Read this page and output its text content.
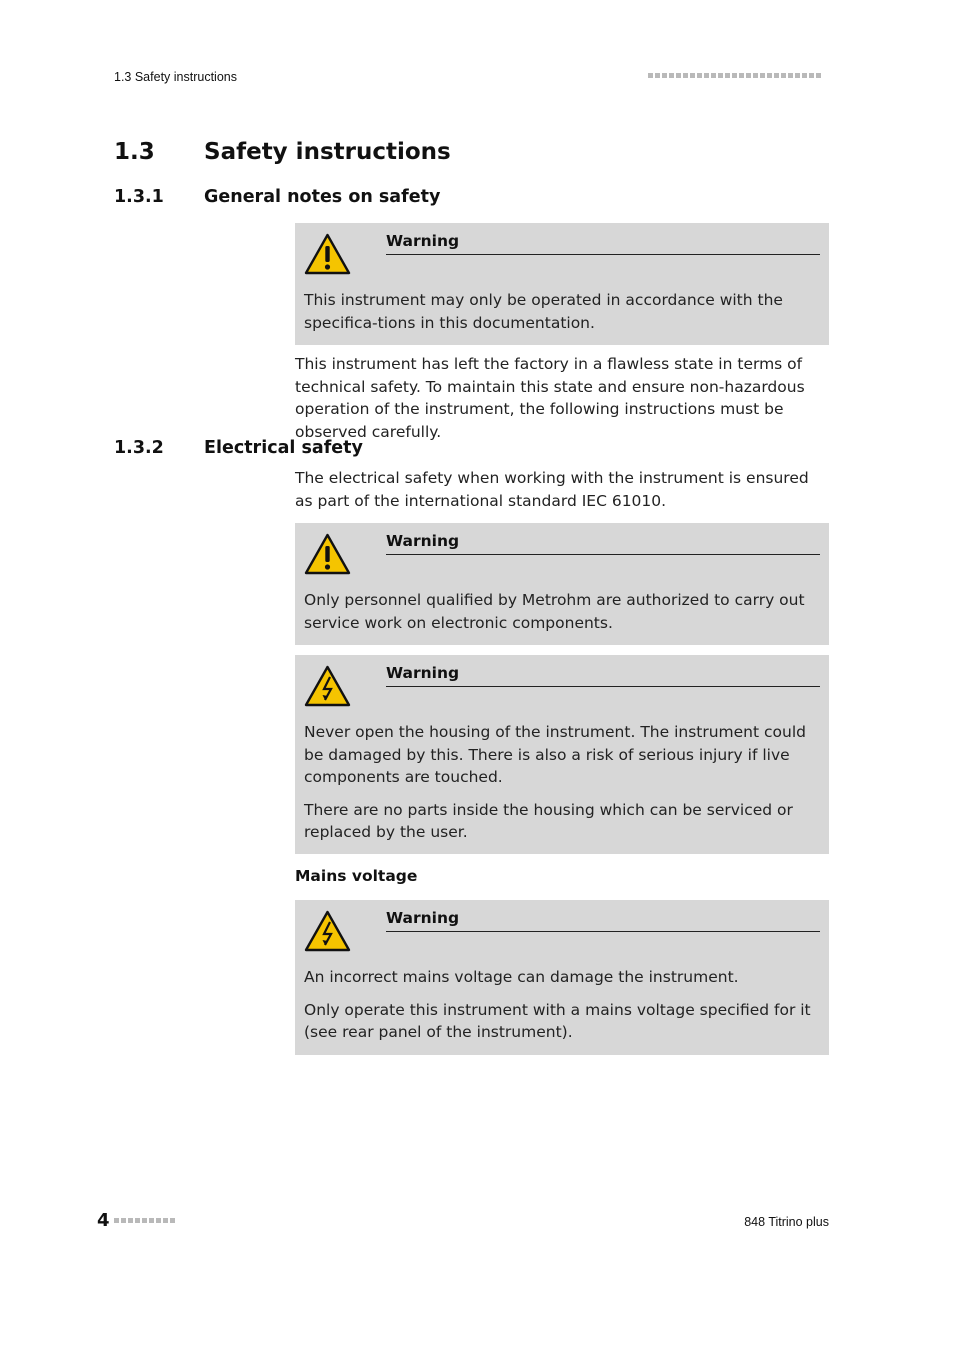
1.3 Safety instructions
1.3 Safety instructions
1.3.1 General notes on safety
Warning

This instrument may only be operated in accordance with the specifica-tions in this documentation.

This instrument has left the factory in a flawless state in terms of technical safety. To maintain this state and ensure non-hazardous operation of the instrument, the following instructions must be observed carefully.

1.3.2 Electrical safety

The electrical safety when working with the instrument is ensured as part of the international standard IEC 61010.

Warning

Only personnel qualified by Metrohm are authorized to carry out service work on electronic components.

Warning

Never open the housing of the instrument. The instrument could be damaged by this. There is also a risk of serious injury if live components are touched.

There are no parts inside the housing which can be serviced or replaced by the user.

Mains voltage
Warning

An incorrect mains voltage can damage the instrument.

Only operate this instrument with a mains voltage specified for it (see rear panel of the instrument).

4	848 Titrino plus
